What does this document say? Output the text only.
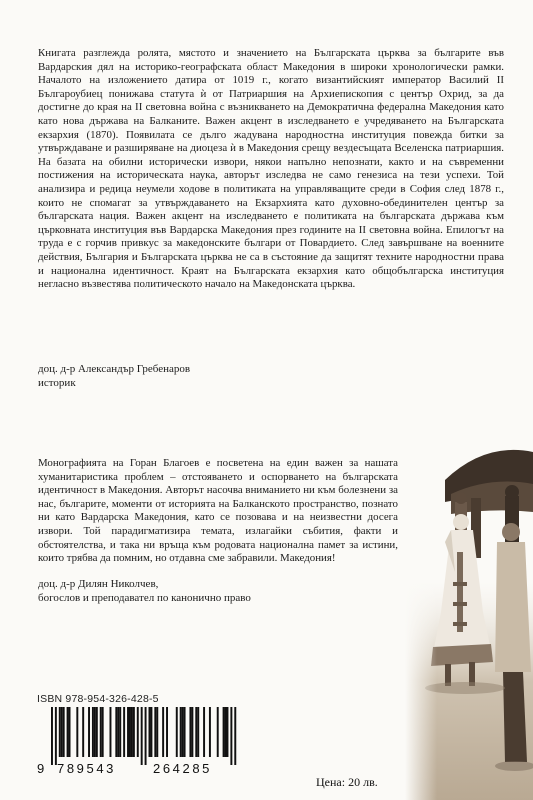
Книгата разглежда ролята, мястото и значението на Българската църква за българите във Вардарския дял на историко-географската област Македония в широки хронологически рамки. Началото на изложението датира от 1019 г., когато византийският император Василий II Българоубиец понижава статута ѝ от Патриаршия на Архиепископия с център Охрид, за да достигне до края на II световна война с възникването на Демократична федерална Македония като като нова държава на Балканите. Важен акцент в изследването е учредяването на Българската екзархия (1870). Появилата се дълго жадувана народностна институция повежда битки за утвърждаване и разширяване на диоцеза ѝ в Македония срещу вездесъщата Вселенска патриаршия. На базата на обилни исторически извори, някои напълно непознати, както и на съвременни постижения на историческата наука, авторът изследва не само генезиса на тези успехи. Той анализира и редица неумели ходове в политиката на управляващите среди в София след 1878 г., които не спомагат за утвърждаването на Екзархията като духовно-обединителен център за българската нация. Важен акцент на изследването е политиката на българската държава към църковната институция във Вардарска Македония през годините на II световна война. Епилогът на труда е с горчив привкус за македонските българи от Повардието. След завършване на военните действия, България и Българската църква не са в състояние да защитят техните народностни права и национална идентичност. Краят на Българската екзархия като общобългарска институция неглaсно възвестява политическото начало на Македонската църква.

доц. д-р Александър Гребенаров
историк

Монографията на Горан Благоев е посветена на един важен за нашата хуманитаристика проблем – отстояването и оспорването на българската идентичност в Македония. Авторът насочва вниманието ни към болезнени за нас, българите, моменти от историята на Балканското пространство, познато ни като Вардарска Македония, като се позовава и на неизвестни досега извори. Той парадигматизира темата, излагайки събития, факти и обстоятелства, и така ни връща към родовата национална памет за истини, които трябва да помним, но отдавна сме забравили. Македония!

доц. д-р Дилян Николчев,
богослов и преподавател по канонично право
ISBN 978-954-326-428-5
9 789543	264285
Цена: 20 лв.
